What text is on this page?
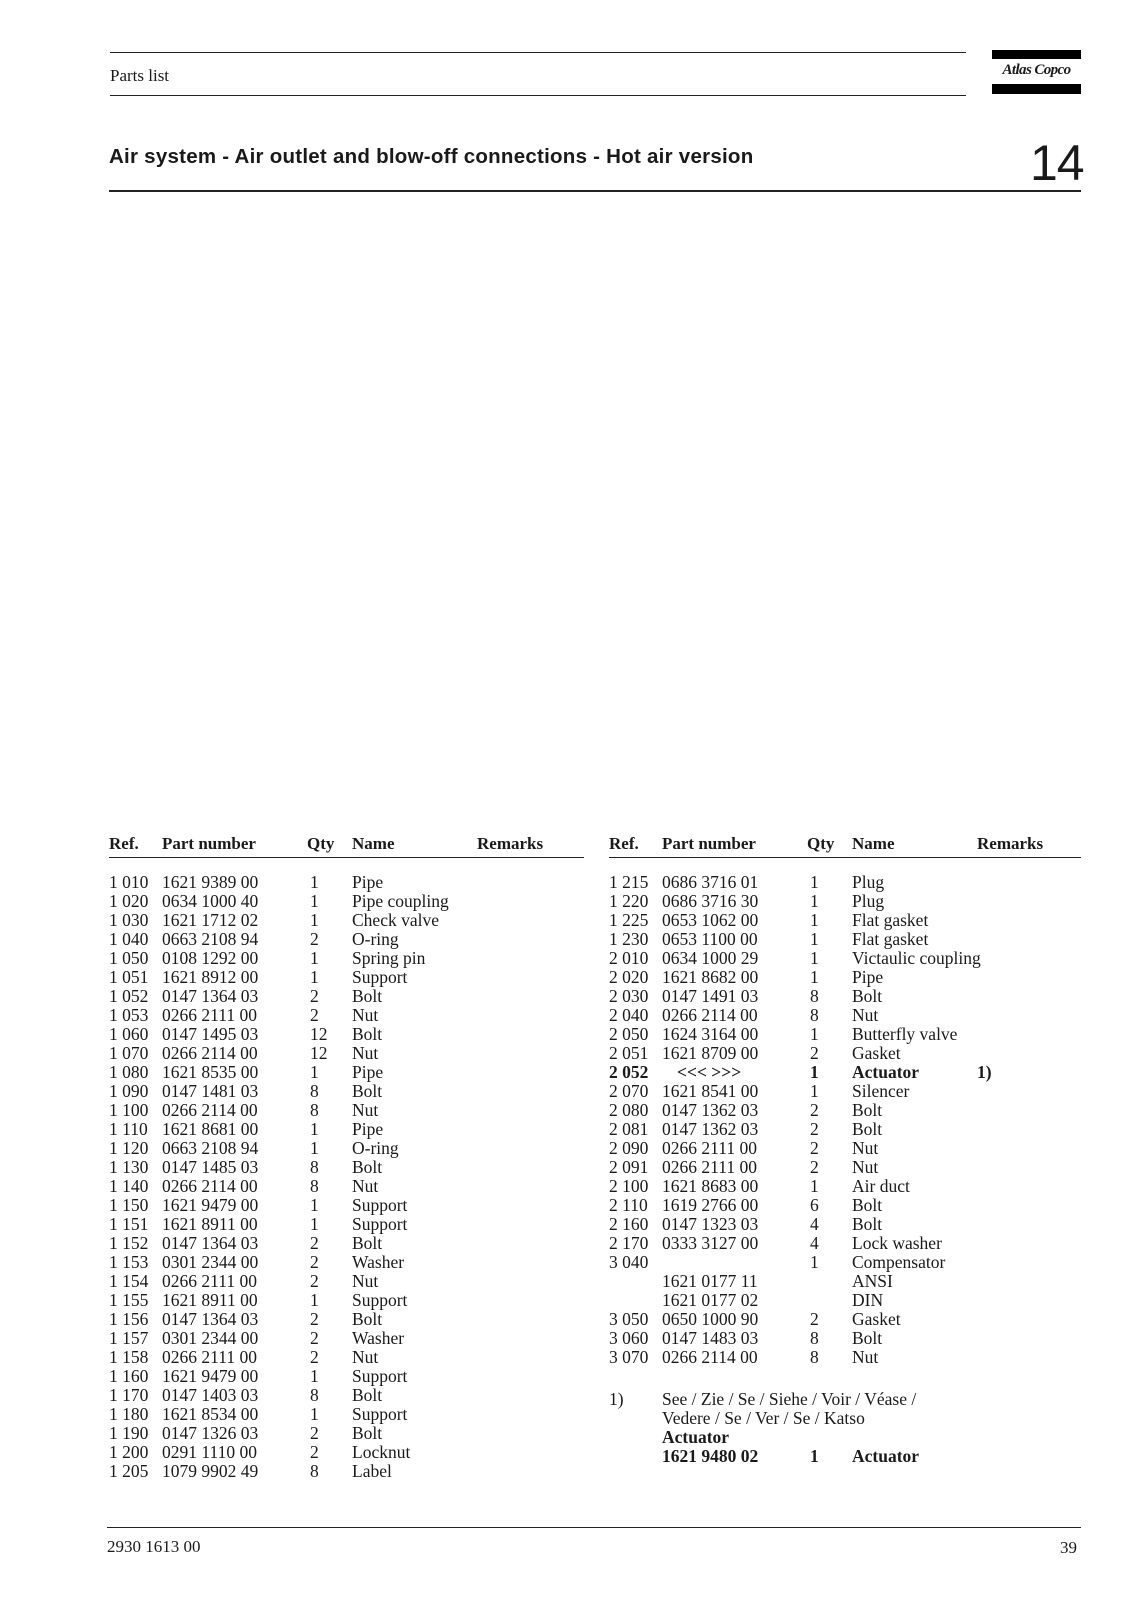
Parts list	Atlas Copco
Air system - Air outlet and blow-off connections - Hot air version	14
Ref. Part number	Qty Name	Remarks
1 010 1621 9389 00	1 Pipe
1 020 0634 1000 40	1 Pipe coupling
1 030 1621 1712 02	1 Check valve
1 040 0663 2108 94	2 O-ring
1 050 0108 1292 00	1 Spring pin
1 051 1621 8912 00	1 Support
1 052 0147 1364 03	2 Bolt
1 053 0266 2111 00	2 Nut
1 060 0147 1495 03	12 Bolt
1 070 0266 2114 00	12 Nut
1 080 1621 8535 00	1 Pipe
1 090 0147 1481 03	8 Bolt
1 100 0266 2114 00	8 Nut
1 110 1621 8681 00	1 Pipe
1 120 0663 2108 94	1 O-ring
1 130 0147 1485 03	8 Bolt
1 140 0266 2114 00	8 Nut
1 150 1621 9479 00	1 Support
1 151 1621 8911 00	1 Support
1 152 0147 1364 03	2 Bolt
1 153 0301 2344 00	2 Washer
1 154 0266 2111 00	2 Nut
1 155 1621 8911 00	1 Support
1 156 0147 1364 03	2 Bolt
1 157 0301 2344 00	2 Washer
1 158 0266 2111 00	2 Nut
1 160 1621 9479 00	1 Support
1 170 0147 1403 03	8 Bolt
1 180 1621 8534 00	1 Support
1 190 0147 1326 03	2 Bolt
1 200 0291 1110 00	2 Locknut
1 205 1079 9902 49	8 Label
Ref. Part number	Qty Name	Remarks
1 215 0686 3716 01	1 Plug
1 220 0686 3716 30	1 Plug
1 225 0653 1062 00	1 Flat gasket
1 230 0653 1100 00	1 Flat gasket
2 010 0634 1000 29	1 Victaulic coupling
2 020 1621 8682 00	1 Pipe
2 030 0147 1491 03	8 Bolt
2 040 0266 2114 00	8 Nut
2 050 1624 3164 00	1 Butterfly valve
2 051 1621 8709 00	2 Gasket
2 052 <<< >>>	1 Actuator	1)
2 070 1621 8541 00	1 Silencer
2 080 0147 1362 03	2 Bolt
2 081 0147 1362 03	2 Bolt
2 090 0266 2111 00	2 Nut
2 091 0266 2111 00	2 Nut
2 100 1621 8683 00	1 Air duct
2 110 1619 2766 00	6 Bolt
2 160 0147 1323 03	4 Bolt
2 170 0333 3127 00	4 Lock washer
3 040	1 Compensator
1621 0177 11	ANSI
1621 0177 02	DIN
3 050 0650 1000 90	2 Gasket
3 060 0147 1483 03	8 Bolt
3 070 0266 2114 00	8 Nut
1) See / Zie / Se / Siehe / Voir / Véase /
Vedere / Se / Ver / Se / Katso
Actuator
1621 9480 02	1 Actuator
2930 1613 00	39
